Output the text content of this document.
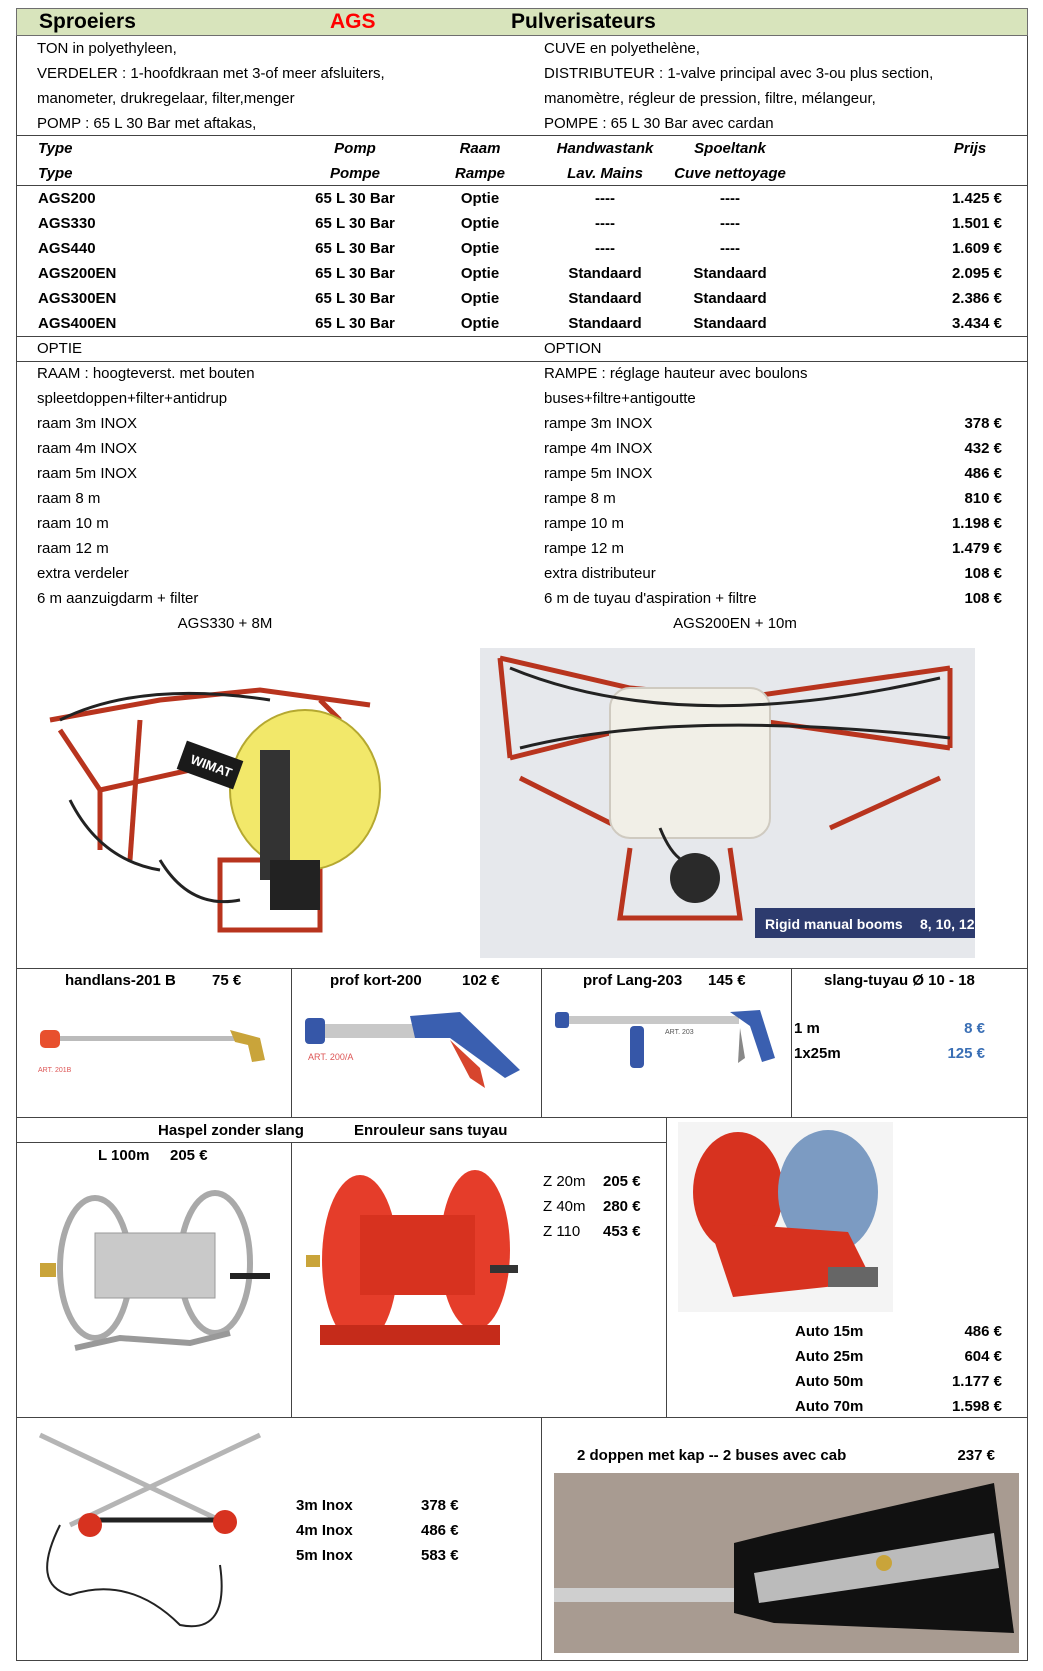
Sproeiers	AGS	Pulverisateurs
TON in polyethyleen,
VERDELER : 1-hoofdkraan met 3-of meer afsluiters,
manometer, drukregelaar, filter,menger
POMP : 65 L 30 Bar met aftakas,
CUVE en polyethelène,
DISTRIBUTEUR : 1-valve principal avec 3-ou plus section,
manomètre, régleur de pression, filtre, mélangeur,
POMPE : 65 L 30 Bar avec cardan
Type	Pomp	Raam	Handwastank	Spoeltank	Prijs
Type	Pompe	Rampe	Lav. Mains	Cuve nettoyage
AGS200	65 L 30 Bar	Optie	----	----	1.425 €
AGS330	65 L 30 Bar	Optie	----	----	1.501 €
AGS440	65 L 30 Bar	Optie	----	----	1.609 €
AGS200EN	65 L 30 Bar	Optie	Standaard	Standaard	2.095 €
AGS300EN	65 L 30 Bar	Optie	Standaard	Standaard	2.386 €
AGS400EN	65 L 30 Bar	Optie	Standaard	Standaard	3.434 €
OPTIE	OPTION
RAAM : hoogteverst. met bouten	RAMPE : réglage hauteur avec boulons
spleetdoppen+filter+antidrup	buses+filtre+antigoutte
raam 3m INOX	rampe 3m INOX	378 €
raam 4m INOX	rampe 4m INOX	432 €
raam 5m INOX	rampe 5m INOX	486 €
raam 8 m	rampe 8 m	810 €
raam 10 m	rampe 10 m	1.198 €
raam 12 m	rampe 12 m	1.479 €
extra verdeler	extra distributeur	108 €
6 m aanzuigdarm + filter	6 m de tuyau d'aspiration + filtre	108 €
AGS330 + 8M	AGS200EN + 10m
WIMAT
Rigid manual booms 8, 10, 12
handlans-201 B 75 €
ART. 201B
prof kort-200	102 €
ART. 200/A
prof Lang-203 145 €
ART. 203
slang-tuyau Ø 10 - 18
1 m	8 €
1x25m	125 €
Haspel zonder slang	Enrouleur sans tuyau
L 100m 205 €
Z 20m 205 €
Z 40m 280 €
Z 110 453 €
Auto 15m	486 €
Auto 25m	604 €
Auto 50m	1.177 €
Auto 70m	1.598 €
3m Inox	378 €
4m Inox	486 €
5m Inox	583 €
2 doppen met kap -- 2 buses avec cab	237 €
